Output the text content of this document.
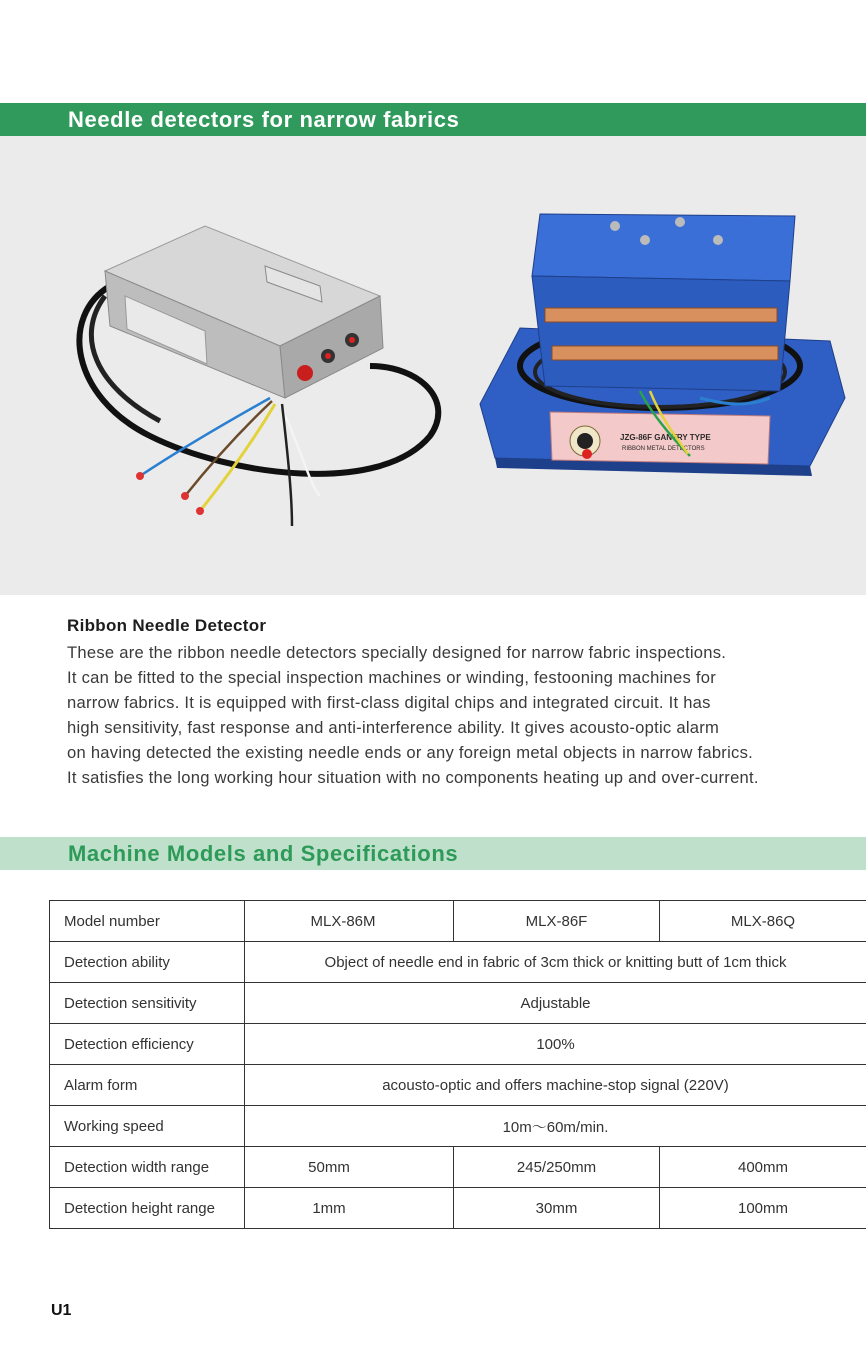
Needle detectors for narrow fabrics
JZG-86F GANTRY TYPE
RIBBON METAL DETECTORS
Ribbon Needle Detector
These are the ribbon needle detectors specially designed for narrow fabric inspections.
It can be fitted to the special inspection machines or winding, festooning machines for
narrow fabrics. It is equipped with first-class digital chips and integrated circuit. It has
high sensitivity, fast response and anti-interference ability. It gives acousto-optic alarm
on having detected the existing needle ends or any foreign metal objects in narrow fabrics.
It satisfies the long working hour situation with no components heating up and over-current.
Machine Models and Specifications
Model number	MLX-86M	MLX-86F	MLX-86Q
Detection ability	Object of needle end in fabric of 3cm thick or knitting butt of 1cm thick		
Detection sensitivity	Adjustable		
Detection efficiency	100%		
Alarm form	acousto-optic and offers machine-stop signal (220V)		
Working speed	10m～60m/min.		
Detection width range	50mm	245/250mm	400mm
Detection height range	1mm	30mm	100mm
U1
